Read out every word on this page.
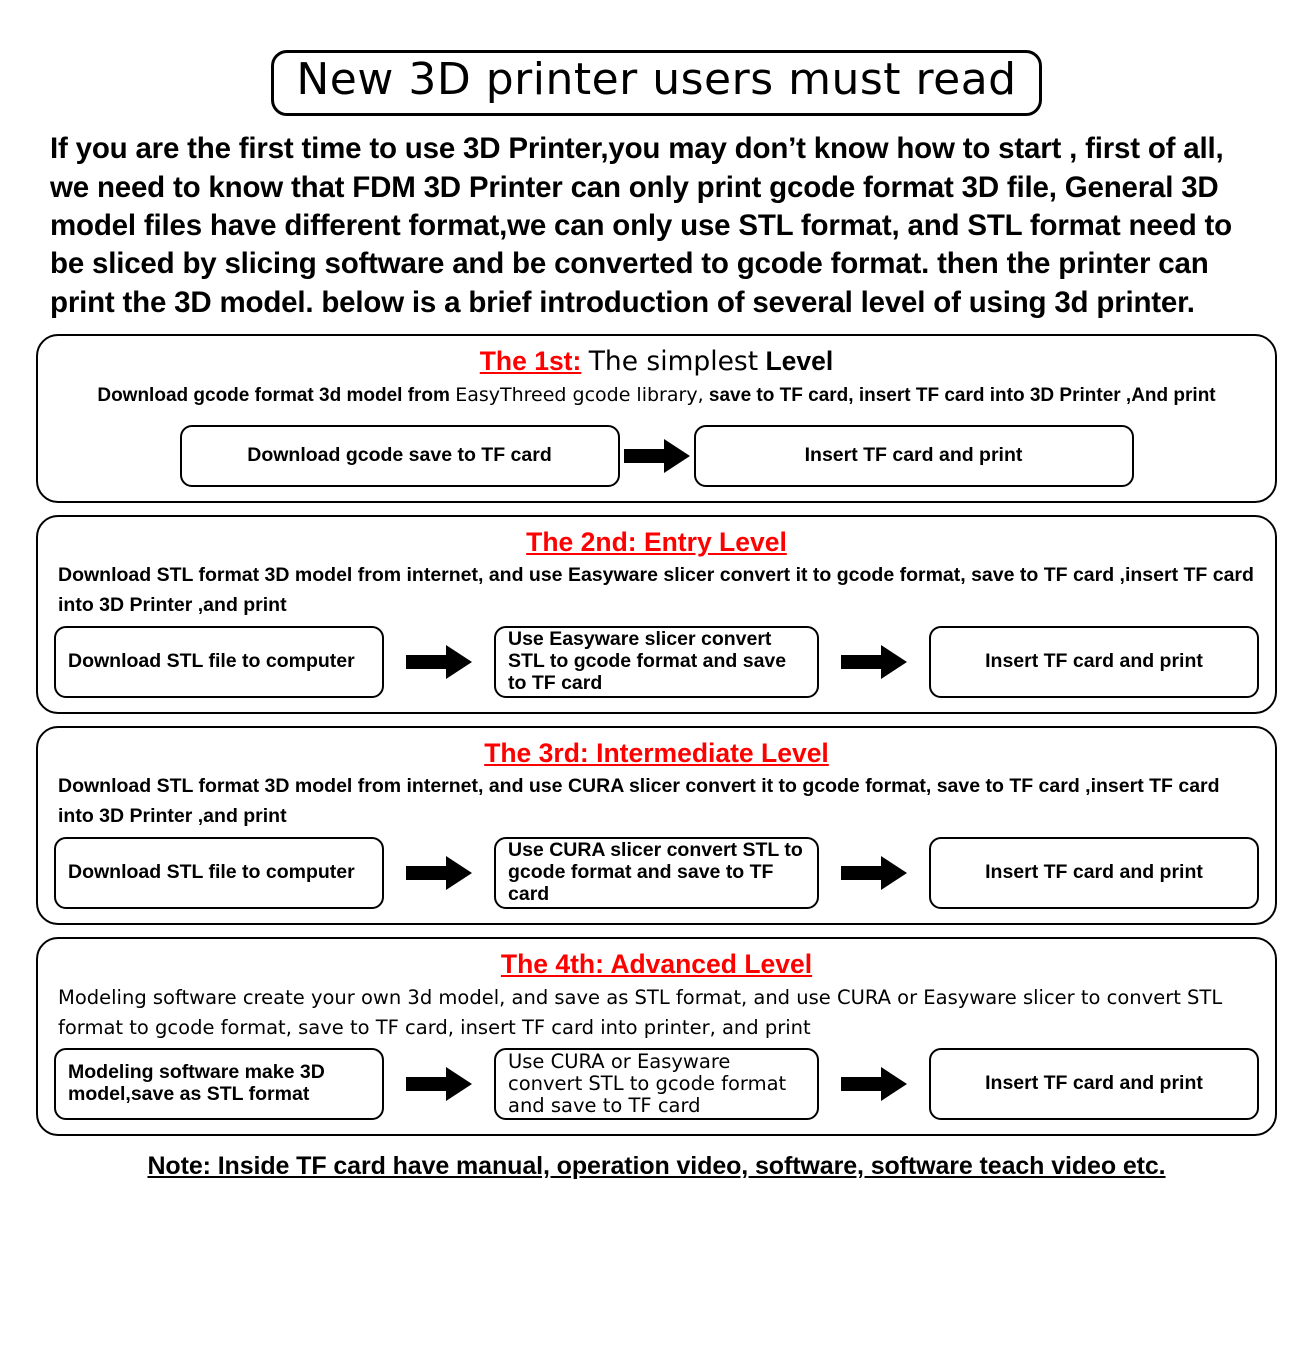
New 3D printer users must read
If you are the first time to use 3D Printer,you may don’t know how to start , first of all, we need to know that FDM 3D Printer can only print gcode format 3D file, General 3D model files have different format,we can only use STL format, and STL format need to be sliced by slicing software and be converted to gcode format. then the printer can print the 3D model. below is a brief introduction of several level of using 3d printer.
The 1st: The simplest Level
Download gcode format 3d model from EasyThreed gcode library, save to TF card, insert TF card into 3D Printer ,And print
Download gcode save to TF card	Insert TF card and print
The 2nd: Entry Level
Download STL format 3D model from internet, and use Easyware slicer convert it to gcode format, save to TF card ,insert TF card into 3D Printer ,and print
Download STL file to computer
Use Easyware slicer convert STL to gcode format and save to TF card
Insert TF card and print
The 3rd: Intermediate Level
Download STL format 3D model from internet, and use CURA slicer convert it to gcode format, save to TF card ,insert TF card into 3D Printer ,and print
Download STL file to computer
Use CURA slicer convert STL to gcode format and save to TF card
Insert TF card and print
The 4th: Advanced Level
Modeling software create your own 3d model, and save as STL format, and use CURA or Easyware slicer to convert STL format to gcode format, save to TF card, insert TF card into printer, and print
Modeling software make 3D model,save as STL format
Use CURA or Easyware convert STL to gcode format and save to TF card
Insert TF card and print
Note: Inside TF card have manual, operation video, software, software teach video etc.
